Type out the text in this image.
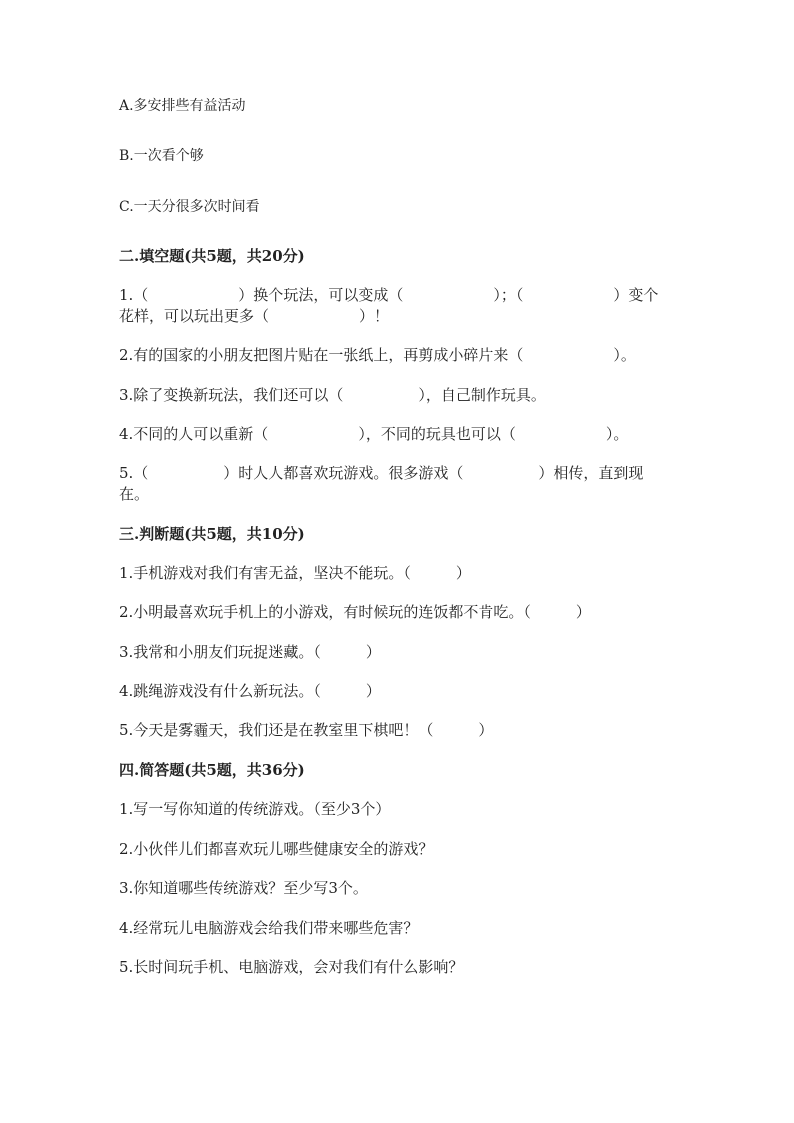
A.多安排些有益活动
B.一次看个够
C.一天分很多次时间看
二.填空题(共5题，共20分)
1.（　　　　　　）换个玩法，可以变成（　　　　　　）；（　　　　　　）变个花样，可以玩出更多（　　　　　　）！
2.有的国家的小朋友把图片贴在一张纸上，再剪成小碎片来（　　　　　　）。
3.除了变换新玩法，我们还可以（　　　　　），自己制作玩具。
4.不同的人可以重新（　　　　　　），不同的玩具也可以（　　　　　　）。
5.（　　　　　）时人人都喜欢玩游戏。很多游戏（　　　　　）相传，直到现在。
三.判断题(共5题，共10分)
1.手机游戏对我们有害无益，坚决不能玩。（　　　）
2.小明最喜欢玩手机上的小游戏，有时候玩的连饭都不肯吃。（　　　）
3.我常和小朋友们玩捉迷藏。（　　　）
4.跳绳游戏没有什么新玩法。（　　　）
5.今天是雾霾天，我们还是在教室里下棋吧！（　　　）
四.简答题(共5题，共36分)
1.写一写你知道的传统游戏。（至少3个）
2.小伙伴儿们都喜欢玩儿哪些健康安全的游戏？
3.你知道哪些传统游戏？至少写3个。
4.经常玩儿电脑游戏会给我们带来哪些危害？
5.长时间玩手机、电脑游戏，会对我们有什么影响？
